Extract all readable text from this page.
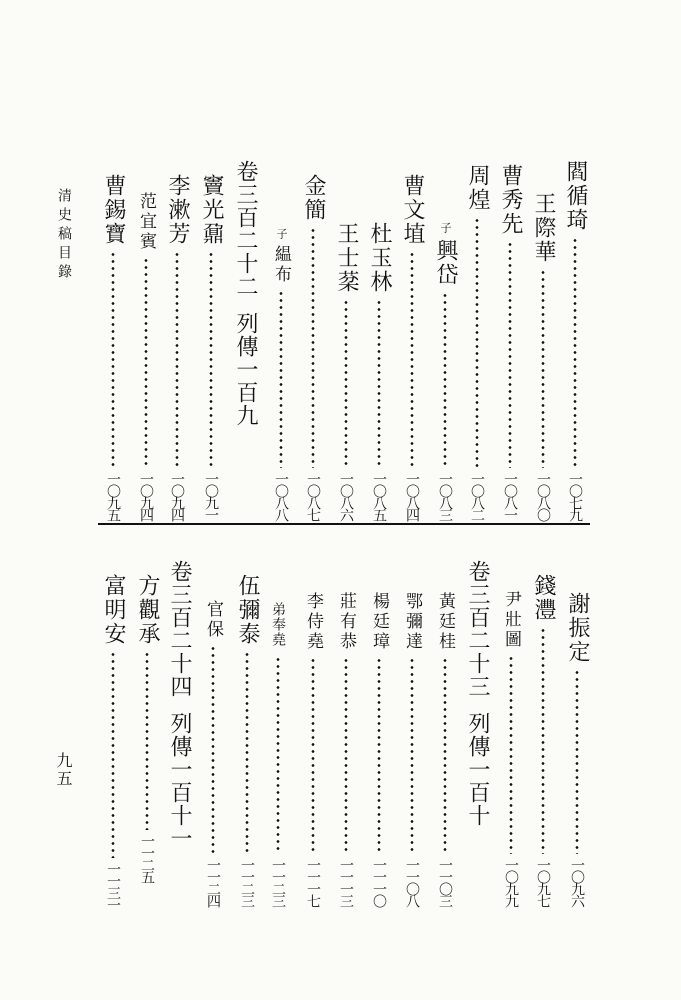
清史稿目錄
九五
閻循琦
一〇七九
王際華
一〇八〇
曹秀先
一〇八一
周煌
一〇八二
子
興岱
一〇八三
曹文埴
一〇八四
杜玉林
一〇八五
王士棻
一〇八六
金簡
一〇八七
子
緼布
一〇八八
卷三百二十二列傳一百九
竇光鼐
一〇九一
李漱芳
一〇九四
范宜賓
一〇九四
曹錫寶
一〇九五
謝振定
一〇九六
錢灃
一〇九七
尹壯圖
一〇九九
卷三百二十三列傳一百十
黃廷桂
一一〇三
鄂彌達
一一〇八
楊廷璋
一一一〇
莊有恭
一一一三
李侍堯
一一一七
弟奉堯
一一二三
伍彌泰
一一二三
官保
一一二四
卷三百二十四列傳一百十一
方觀承
一一二五
富明安
一一三一
